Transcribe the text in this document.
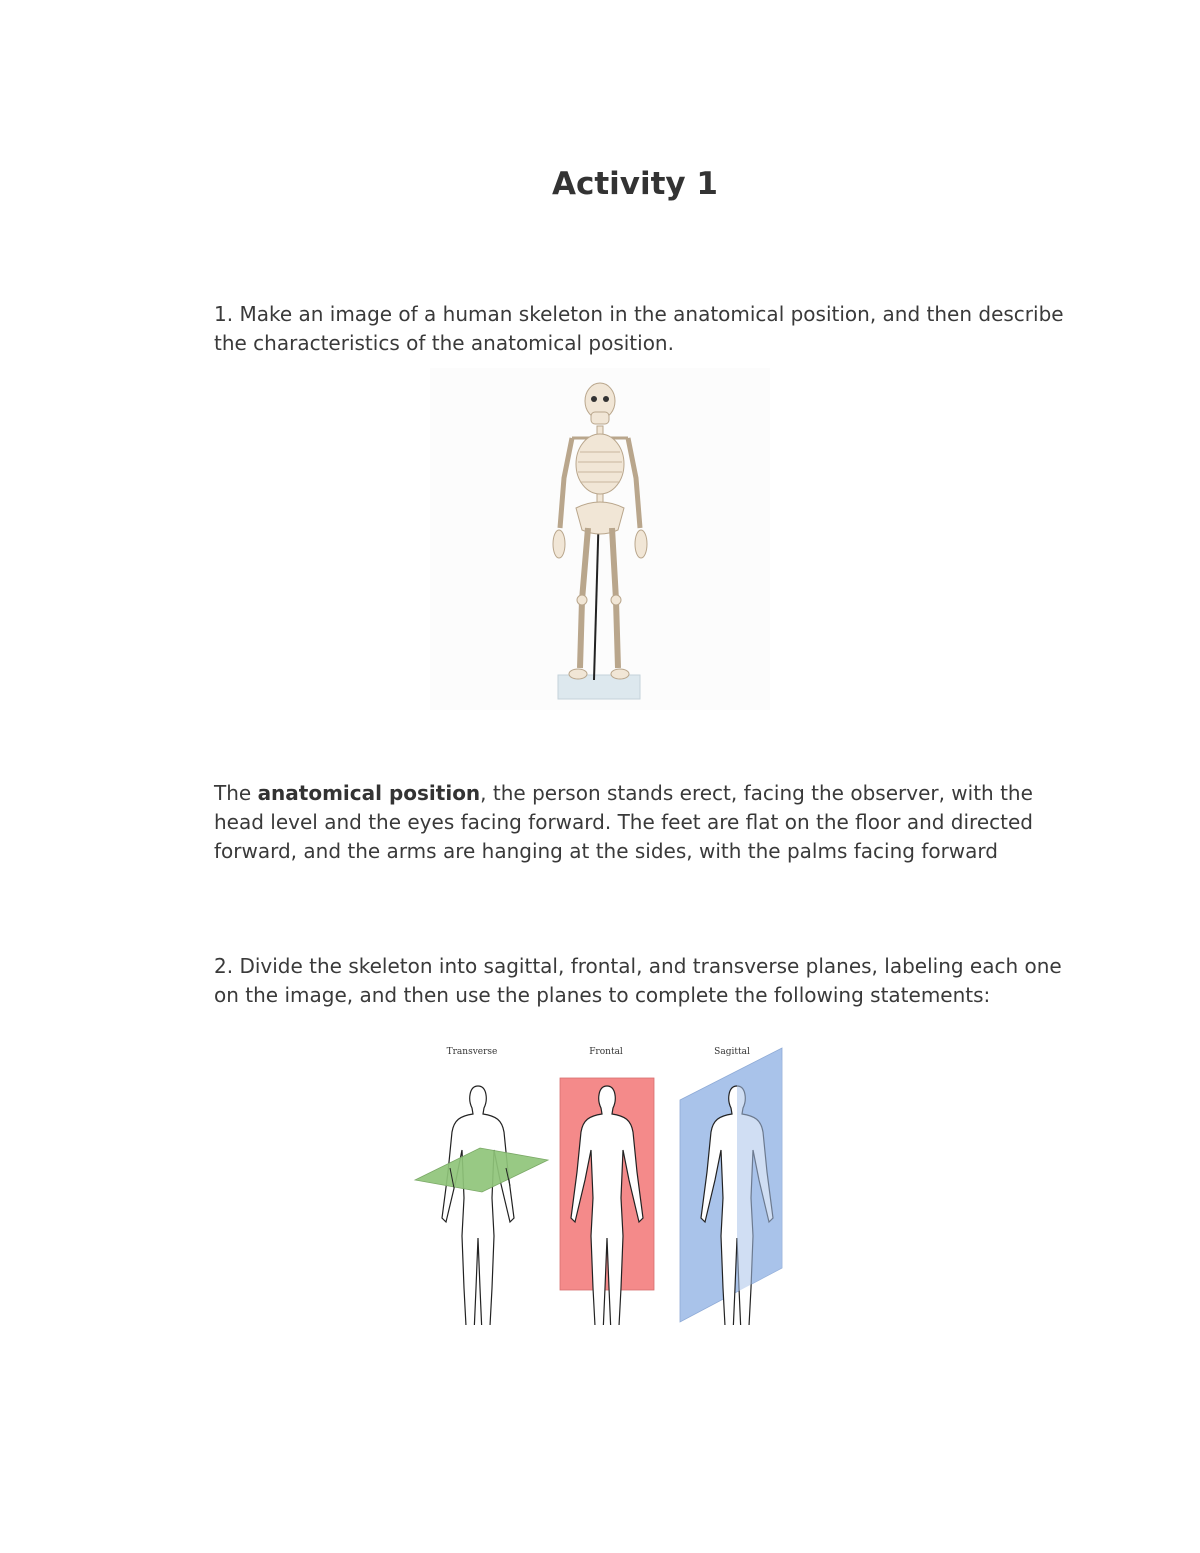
Activity 1

1. Make an image of a human skeleton in the anatomical position, and then describe the characteristics of the anatomical position.

The anatomical position, the person stands erect, facing the observer, with the head level and the eyes facing forward. The feet are flat on the floor and directed forward, and the arms are hanging at the sides, with the palms facing forward

2. Divide the skeleton into sagittal, frontal, and transverse planes, labeling each one on the image, and then use the planes to complete the following statements:

Transverse	Frontal	Sagittal
